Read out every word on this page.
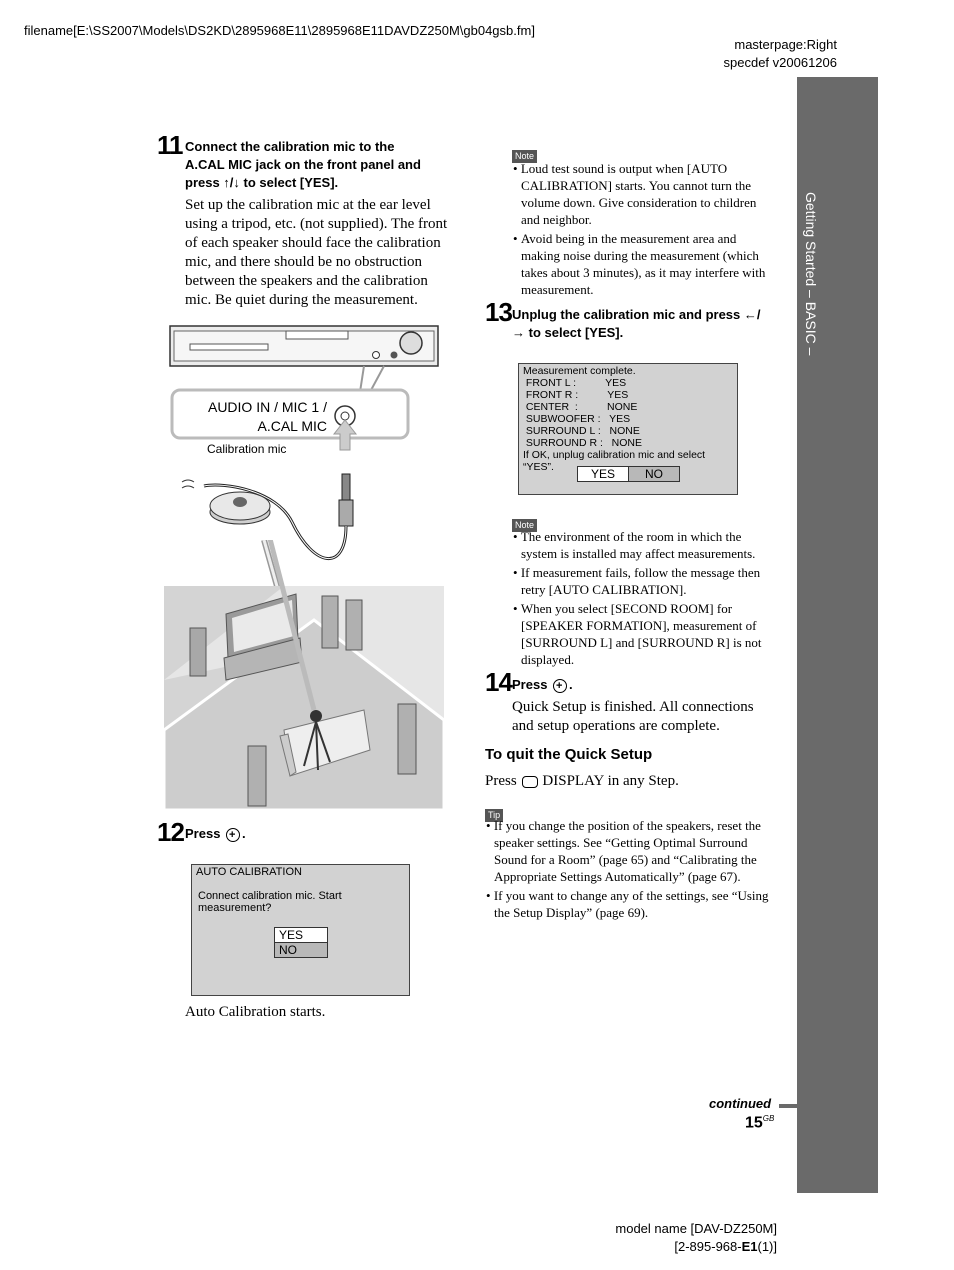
filename[E:\SS2007\Models\DS2KD\2895968E11\2895968E11DAVDZ250M\gb04gsb.fm]
masterpage:Right
specdef v20061206
Getting Started – BASIC –
11 Connect the calibration mic to the
A.CAL MIC jack on the front panel and
press ↑/↓ to select [YES].
Set up the calibration mic at the ear level
using a tripod, etc. (not supplied). The front
of each speaker should face the calibration
mic, and there should be no obstruction
between the speakers and the calibration
mic. Be quiet during the measurement.
AUDIO IN / MIC 1 /
A.CAL MIC
Calibration mic
12 Press + .
AUTO CALIBRATION
Connect calibration mic. Start
measurement?
YES
NO
Auto Calibration starts.
Note
• Loud test sound is output when [AUTO
CALIBRATION] starts. You cannot turn the
volume down. Give consideration to children
and neighbor.
• Avoid being in the measurement area and
making noise during the measurement (which
takes about 3 minutes), as it may interfere with
measurement.
13 Unplug the calibration mic and press ←/
→ to select [YES].
Measurement complete.
FRONT L :          YES
FRONT R :          YES
CENTER  :          NONE
SUBWOOFER :   YES
SURROUND L :   NONE
SURROUND R :   NONE
If OK, unplug calibration mic and select
“YES”.	YES	NO
Note
• The environment of the room in which the
system is installed may affect measurements.
• If measurement fails, follow the message then
retry [AUTO CALIBRATION].
• When you select [SECOND ROOM] for
[SPEAKER FORMATION], measurement of
[SURROUND L] and [SURROUND R] is not
displayed.
14 Press + .
Quick Setup is finished. All connections
and setup operations are complete.
To quit the Quick Setup
Press DISPLAY in any Step.
Tip
• If you change the position of the speakers, reset the
speaker settings. See “Getting Optimal Surround
Sound for a Room” (page 65) and “Calibrating the
Appropriate Settings Automatically” (page 67).
• If you want to change any of the settings, see “Using
the Setup Display” (page 69).
continued
$15^{GB}$
model name [DAV-DZ250M]
[2-895-968-E1(1)]
